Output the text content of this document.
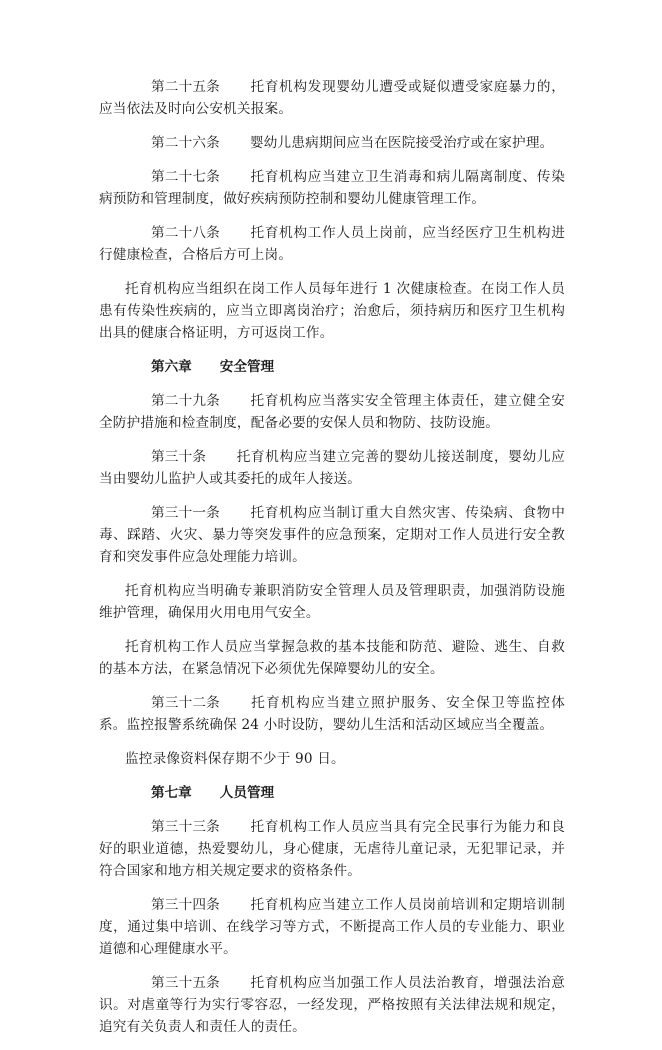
第二十五条 托育机构发现婴幼儿遭受或疑似遭受家庭暴力的，应当依法及时向公安机关报案。

第二十六条 婴幼儿患病期间应当在医院接受治疗或在家护理。

第二十七条 托育机构应当建立卫生消毒和病儿隔离制度、传染病预防和管理制度，做好疾病预防控制和婴幼儿健康管理工作。

第二十八条 托育机构工作人员上岗前，应当经医疗卫生机构进行健康检查，合格后方可上岗。

托育机构应当组织在岗工作人员每年进行 1 次健康检查。在岗工作人员患有传染性疾病的，应当立即离岗治疗；治愈后，须持病历和医疗卫生机构出具的健康合格证明，方可返岗工作。

第六章 安全管理

第二十九条 托育机构应当落实安全管理主体责任，建立健全安全防护措施和检查制度，配备必要的安保人员和物防、技防设施。

第三十条 托育机构应当建立完善的婴幼儿接送制度，婴幼儿应当由婴幼儿监护人或其委托的成年人接送。

第三十一条 托育机构应当制订重大自然灾害、传染病、食物中毒、踩踏、火灾、暴力等突发事件的应急预案，定期对工作人员进行安全教育和突发事件应急处理能力培训。

托育机构应当明确专兼职消防安全管理人员及管理职责，加强消防设施维护管理，确保用火用电用气安全。

托育机构工作人员应当掌握急救的基本技能和防范、避险、逃生、自救的基本方法，在紧急情况下必须优先保障婴幼儿的安全。

第三十二条 托育机构应当建立照护服务、安全保卫等监控体系。监控报警系统确保 24 小时设防，婴幼儿生活和活动区域应当全覆盖。

监控录像资料保存期不少于 90 日。

第七章 人员管理

第三十三条 托育机构工作人员应当具有完全民事行为能力和良好的职业道德，热爱婴幼儿，身心健康，无虐待儿童记录，无犯罪记录，并符合国家和地方相关规定要求的资格条件。

第三十四条 托育机构应当建立工作人员岗前培训和定期培训制度，通过集中培训、在线学习等方式，不断提高工作人员的专业能力、职业道德和心理健康水平。

第三十五条 托育机构应当加强工作人员法治教育，增强法治意识。对虐童等行为实行零容忍，一经发现，严格按照有关法律法规和规定，追究有关负责人和责任人的责任。
